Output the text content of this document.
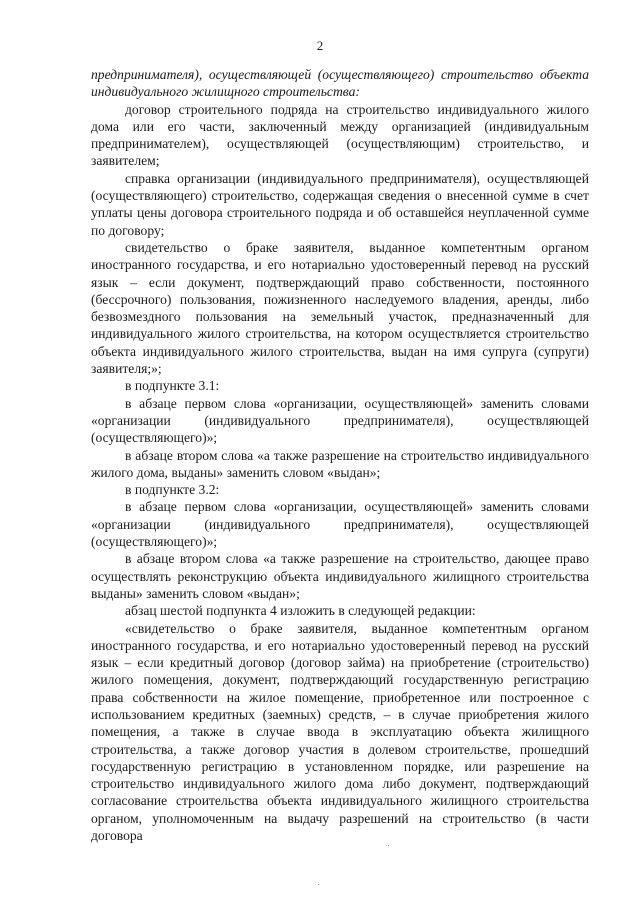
2

предпринимателя), осуществляющей (осуществляющего) строительство объекта индивидуального жилищного строительства:

договор строительного подряда на строительство индивидуального жилого дома или его части, заключенный между организацией (индивидуальным предпринимателем), осуществляющей (осуществляющим) строительство, и заявителем;

справка организации (индивидуального предпринимателя), осуществляющей (осуществляющего) строительство, содержащая сведения о внесенной сумме в счет уплаты цены договора строительного подряда и об оставшейся неуплаченной сумме по договору;

свидетельство о браке заявителя, выданное компетентным органом иностранного государства, и его нотариально удостоверенный перевод на русский язык – если документ, подтверждающий право собственности, постоянного (бессрочного) пользования, пожизненного наследуемого владения, аренды, либо безвозмездного пользования на земельный участок, предназначенный для индивидуального жилого строительства, на котором осуществляется строительство объекта индивидуального жилого строительства, выдан на имя супруга (супруги) заявителя;»;

в подпункте 3.1:

в абзаце первом слова «организации, осуществляющей» заменить словами «организации (индивидуального предпринимателя), осуществляющей (осуществляющего)»;

в абзаце втором слова «а также разрешение на строительство индивидуального жилого дома, выданы» заменить словом «выдан»;

в подпункте 3.2:

в абзаце первом слова «организации, осуществляющей» заменить словами «организации (индивидуального предпринимателя), осуществляющей (осуществляющего)»;

в абзаце втором слова «а также разрешение на строительство, дающее право осуществлять реконструкцию объекта индивидуального жилищного строительства выданы» заменить словом «выдан»;

абзац шестой подпункта 4 изложить в следующей редакции:

«свидетельство о браке заявителя, выданное компетентным органом иностранного государства, и его нотариально удостоверенный перевод на русский язык – если кредитный договор (договор займа) на приобретение (строительство) жилого помещения, документ, подтверждающий государственную регистрацию права собственности на жилое помещение, приобретенное или построенное с использованием кредитных (заемных) средств, – в случае приобретения жилого помещения, а также в случае ввода в эксплуатацию объекта жилищного строительства, а также договор участия в долевом строительстве, прошедший государственную регистрацию в установленном порядке, или разрешение на строительство индивидуального жилого дома либо документ, подтверждающий согласование строительства объекта индивидуального жилищного строительства органом, уполномоченным на выдачу разрешений на строительство (в части договора
